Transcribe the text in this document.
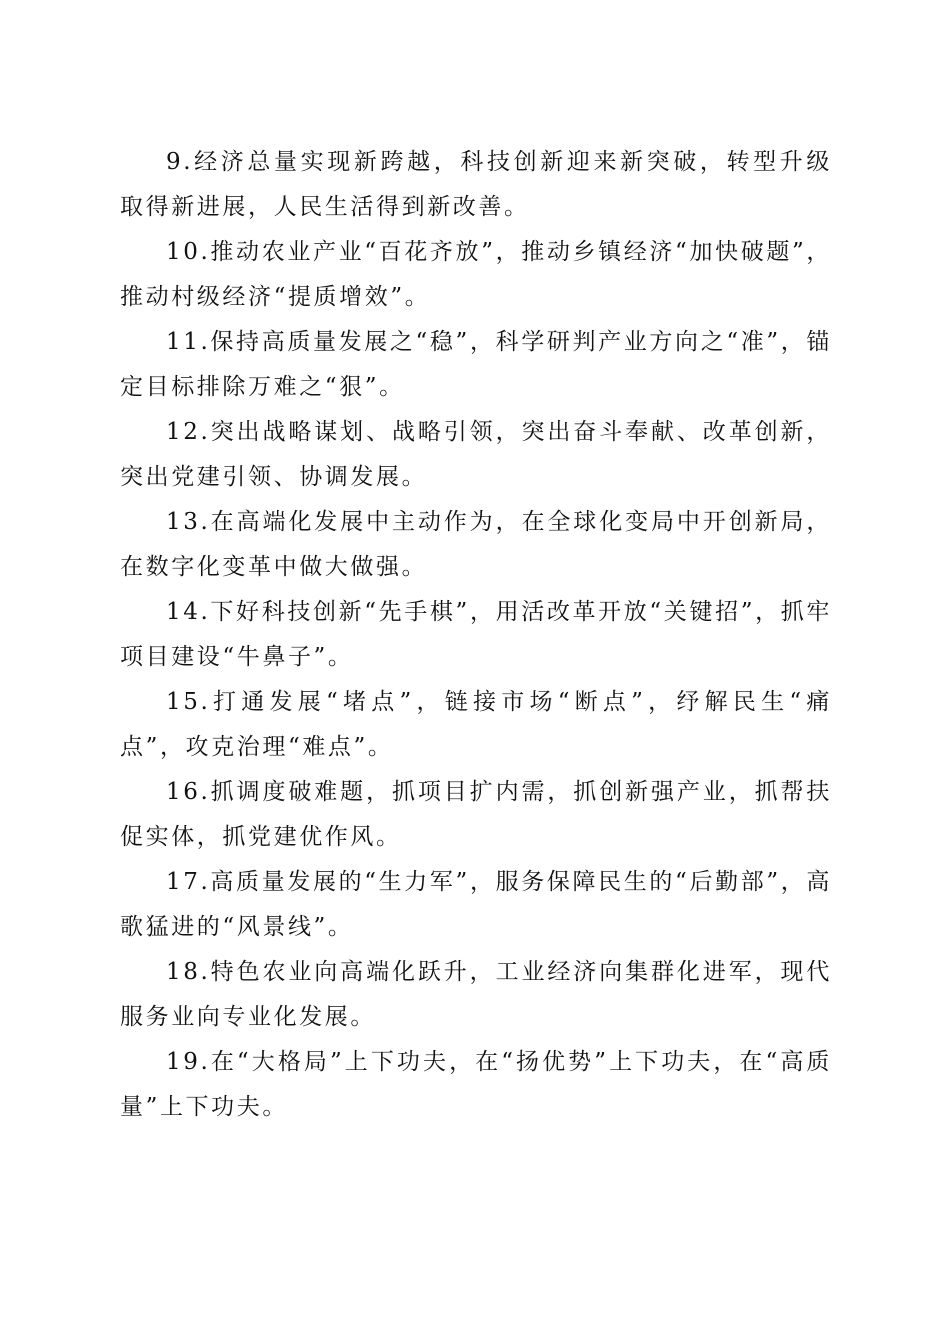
9.经济总量实现新跨越，科技创新迎来新突破，转型升级取得新进展，人民生活得到新改善。

10.推动农业产业“百花齐放”，推动乡镇经济“加快破题”，推动村级经济“提质增效”。

11.保持高质量发展之“稳”，科学研判产业方向之“准”，锚定目标排除万难之“狠”。

12.突出战略谋划、战略引领，突出奋斗奉献、改革创新，突出党建引领、协调发展。

13.在高端化发展中主动作为，在全球化变局中开创新局，在数字化变革中做大做强。

14.下好科技创新“先手棋”，用活改革开放“关键招”，抓牢项目建设“牛鼻子”。

15.打通发展“堵点”，链接市场“断点”，纾解民生“痛点”，攻克治理“难点”。

16.抓调度破难题，抓项目扩内需，抓创新强产业，抓帮扶促实体，抓党建优作风。

17.高质量发展的“生力军”，服务保障民生的“后勤部”，高歌猛进的“风景线”。

18.特色农业向高端化跃升，工业经济向集群化进军，现代服务业向专业化发展。

19.在“大格局”上下功夫，在“扬优势”上下功夫，在“高质量”上下功夫。
